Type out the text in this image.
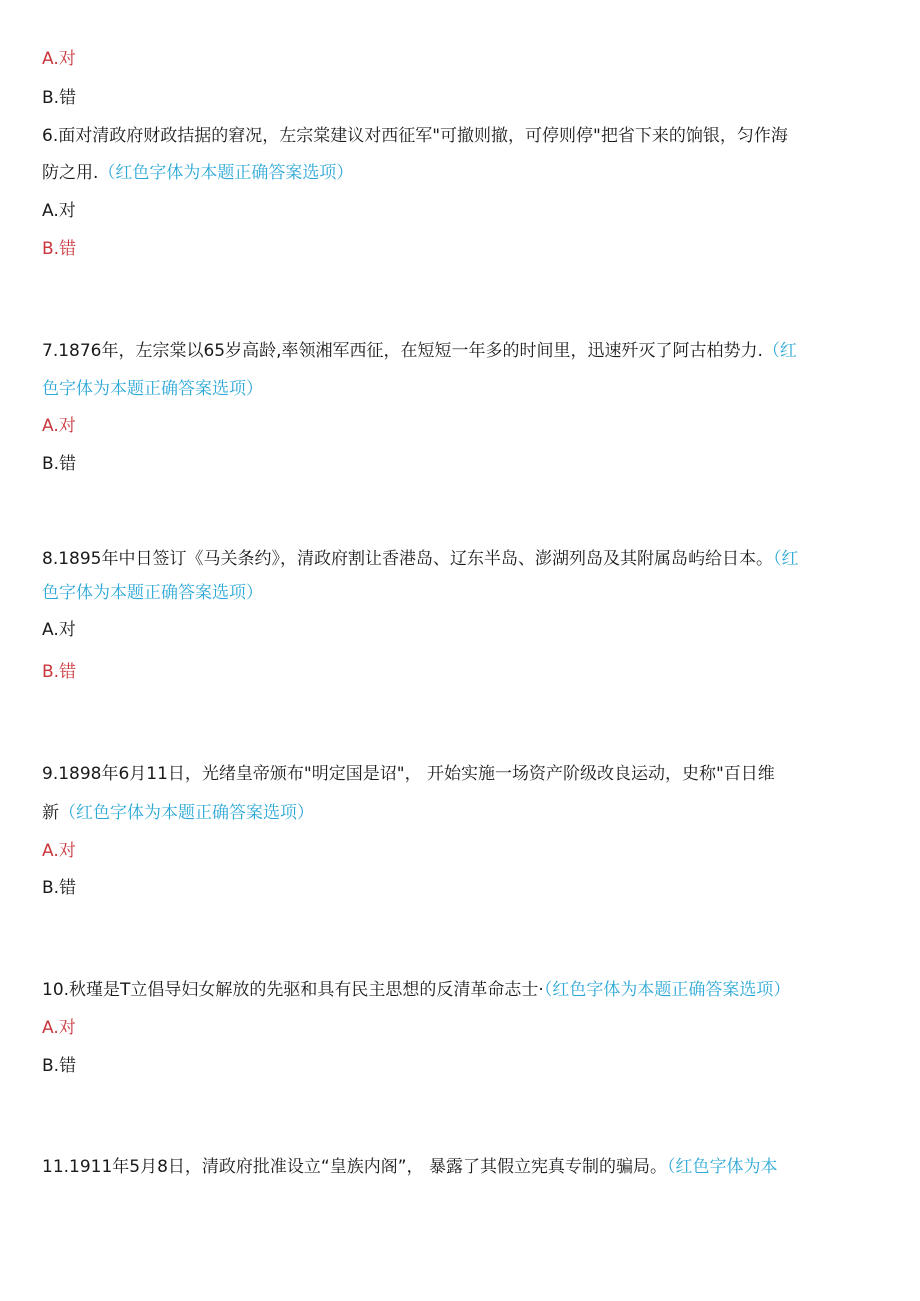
A.对
B.错
6.面对清政府财政拮据的窘况，左宗棠建议对西征军"可撤则撤，可停则停"把省下来的饷银，匀作海
防之用.（红色字体为本题正确答案选项）
A.对
B.错
7.1876年，左宗棠以65岁高龄,率领湘军西征，在短短一年多的时间里，迅速歼灭了阿古柏势力.（红
色字体为本题正确答案选项）
A.对
B.错
8.1895年中日签订《马关条约》，清政府割让香港岛、辽东半岛、澎湖列岛及其附属岛屿给日本。（红
色字体为本题正确答案选项）
A.对
B.错
9.1898年6月11日，光绪皇帝颁布"明定国是诏"， 开始实施一场资产阶级改良运动，史称"百日维
新（红色字体为本题正确答案选项）
A.对
B.错
10.秋瑾是T立倡导妇女解放的先驱和具有民主思想的反清革命志士·（红色字体为本题正确答案选项）
A.对
B.错
11.1911年5月8日，清政府批准设立“皇族内阁”， 暴露了其假立宪真专制的骗局。（红色字体为本
